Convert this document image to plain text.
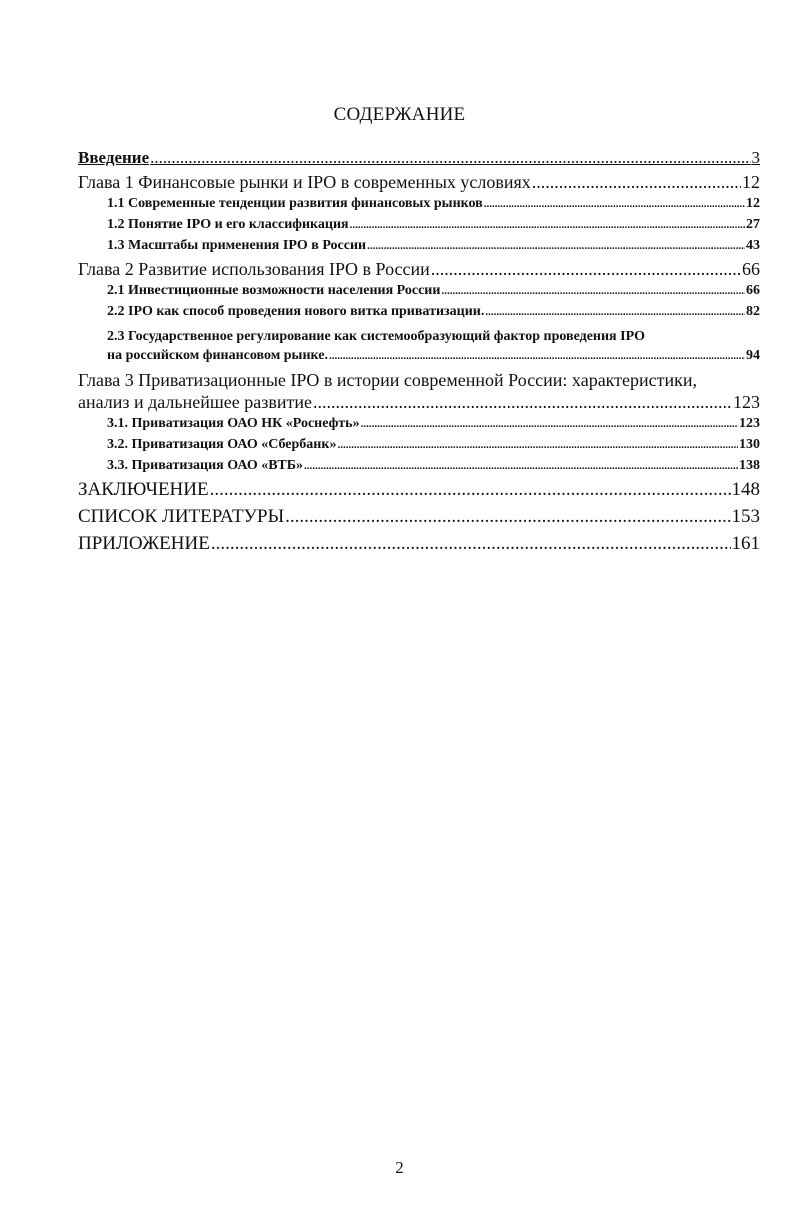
СОДЕРЖАНИЕ
Введение .....	3
Глава 1 Финансовые рынки и IPO в современных условиях .....	12
1.1 Современные тенденции развития финансовых рынков .....	12
1.2 Понятие IPO и его классификация .....	27
1.3 Масштабы применения IPO в России .....	43
Глава 2 Развитие использования IPO в России .....	66
2.1 Инвестиционные возможности населения России .....	66
2.2 IPO как способ проведения нового витка приватизации. .....	82
2.3 Государственное регулирование как системообразующий фактор проведения IPO
на российском финансовом рынке. .....	94
Глава 3 Приватизационные IPO в истории современной России: характеристики,
анализ и дальнейшее развитие .....	123
3.1. Приватизация ОАО НК «Роснефть» .....	123
3.2. Приватизация ОАО «Сбербанк» .....	130
3.3. Приватизация ОАО «ВТБ» .....	138
ЗАКЛЮЧЕНИЕ .....	148
СПИСОК ЛИТЕРАТУРЫ .....	153
ПРИЛОЖЕНИЕ .....	161
2
